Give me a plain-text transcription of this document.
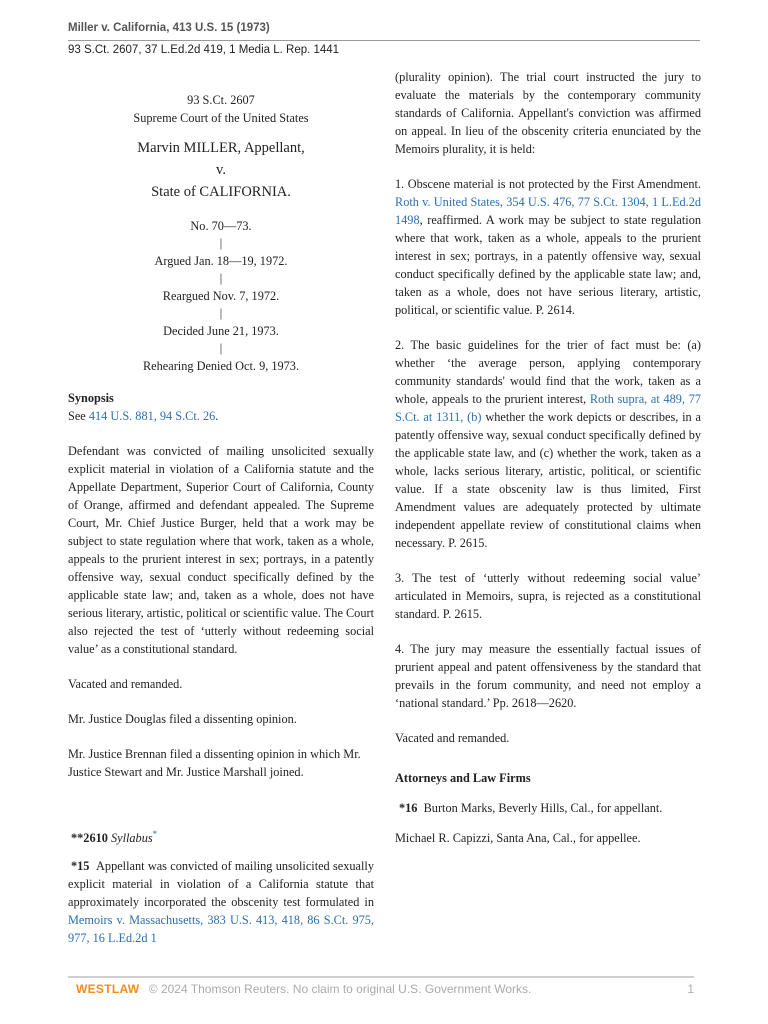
Miller v. California, 413 U.S. 15 (1973)
93 S.Ct. 2607, 37 L.Ed.2d 419, 1 Media L. Rep. 1441

93 S.Ct. 2607

Supreme Court of the United States

Marvin MILLER, Appellant,

v.

State of CALIFORNIA.

No. 70—73.

|

Argued Jan. 18—19, 1972.

|

Reargued Nov. 7, 1972.

|

Decided June 21, 1973.

|

Rehearing Denied Oct. 9, 1973.

Synopsis

See 414 U.S. 881, 94 S.Ct. 26.

Defendant was convicted of mailing unsolicited sexually explicit material in violation of a California statute and the Appellate Department, Superior Court of California, County of Orange, affirmed and defendant appealed. The Supreme Court, Mr. Chief Justice Burger, held that a work may be subject to state regulation where that work, taken as a whole, appeals to the prurient interest in sex; portrays, in a patently offensive way, sexual conduct specifically defined by the applicable state law; and, taken as a whole, does not have serious literary, artistic, political or scientific value. The Court also rejected the test of ‘utterly without redeeming social value’ as a constitutional standard.

Vacated and remanded.

Mr. Justice Douglas filed a dissenting opinion.

Mr. Justice Brennan filed a dissenting opinion in which Mr. Justice Stewart and Mr. Justice Marshall joined.

**2610 Syllabus*

*15 Appellant was convicted of mailing unsolicited sexually explicit material in violation of a California statute that approximately incorporated the obscenity test formulated in Memoirs v. Massachusetts, 383 U.S. 413, 418, 86 S.Ct. 975, 977, 16 L.Ed.2d 1

(plurality opinion). The trial court instructed the jury to evaluate the materials by the contemporary community standards of California. Appellant's conviction was affirmed on appeal. In lieu of the obscenity criteria enunciated by the Memoirs plurality, it is held:

1. Obscene material is not protected by the First Amendment. Roth v. United States, 354 U.S. 476, 77 S.Ct. 1304, 1 L.Ed.2d 1498, reaffirmed. A work may be subject to state regulation where that work, taken as a whole, appeals to the prurient interest in sex; portrays, in a patently offensive way, sexual conduct specifically defined by the applicable state law; and, taken as a whole, does not have serious literary, artistic, political, or scientific value. P. 2614.

2. The basic guidelines for the trier of fact must be: (a) whether ‘the average person, applying contemporary community standards' would find that the work, taken as a whole, appeals to the prurient interest, Roth supra, at 489, 77 S.Ct. at 1311, (b) whether the work depicts or describes, in a patently offensive way, sexual conduct specifically defined by the applicable state law, and (c) whether the work, taken as a whole, lacks serious literary, artistic, political, or scientific value. If a state obscenity law is thus limited, First Amendment values are adequately protected by ultimate independent appellate review of constitutional claims when necessary. P. 2615.

3. The test of ‘utterly without redeeming social value’ articulated in Memoirs, supra, is rejected as a constitutional standard. P. 2615.

4. The jury may measure the essentially factual issues of prurient appeal and patent offensiveness by the standard that prevails in the forum community, and need not employ a ‘national standard.’ Pp. 2618—2620.

Vacated and remanded.

Attorneys and Law Firms

*16 Burton Marks, Beverly Hills, Cal., for appellant.

Michael R. Capizzi, Santa Ana, Cal., for appellee.

WESTLAW © 2024 Thomson Reuters. No claim to original U.S. Government Works.	1
